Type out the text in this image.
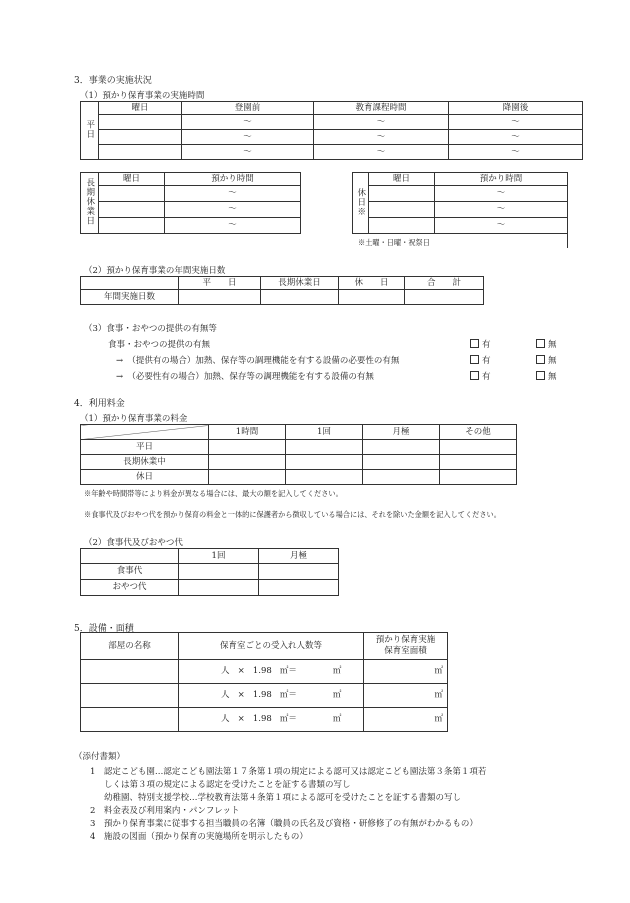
3．事業の実施状況
（1）預かり保育事業の実施時間
平日	曜日	登園前	教育課程時間	降園後
		～	～	～
		～	～	～
		～	～	～
長期休業日	曜日	預かり時間
		～
		～
		～
休日※	曜日	預かり時間
		～
		～
		～
※土曜・日曜・祝祭日
（2）預かり保育事業の年間実施日数
	平　　日	長期休業日	休　　日	合　　計
年間実施日数				
（3）食事・おやつの提供の有無等
食事・おやつの提供の有無	有	無
→　（提供有の場合）加熱、保存等の調理機能を有する設備の必要性の有無	有	無
→　（必要性有の場合）加熱、保存等の調理機能を有する設備の有無	有	無
4．利用料金
（1）預かり保育事業の料金
	1時間	1回	月極	その他
平日				
長期休業中				
休日				
※年齢や時間帯等により料金が異なる場合には、最大の額を記入してください。
※食事代及びおやつ代を預かり保育の料金と一体的に保護者から徴収している場合には、それを除いた金額を記入してください。
（2）食事代及びおやつ代
	1回	月極
食事代		
おやつ代		
5．設備・面積
部屋の名称	保育室ごとの受入れ人数等	預かり保育実施
保育室面積
	人 × 1.98 ㎡＝ ㎡	㎡
	人 × 1.98 ㎡＝ ㎡	㎡
	人 × 1.98 ㎡＝ ㎡	㎡
（添付書類）
1　認定こども園…認定こども園法第１７条第１項の規定による認可又は認定こども園法第３条第１項若
しくは第３項の規定による認定を受けたことを証する書類の写し
幼稚園、特別支援学校…学校教育法第４条第１項による認可を受けたことを証する書類の写し
2　料金表及び利用案内・パンフレット
3　預かり保育事業に従事する担当職員の名簿（職員の氏名及び資格・研修修了の有無がわかるもの）
4　施設の図面（預かり保育の実施場所を明示したもの）
